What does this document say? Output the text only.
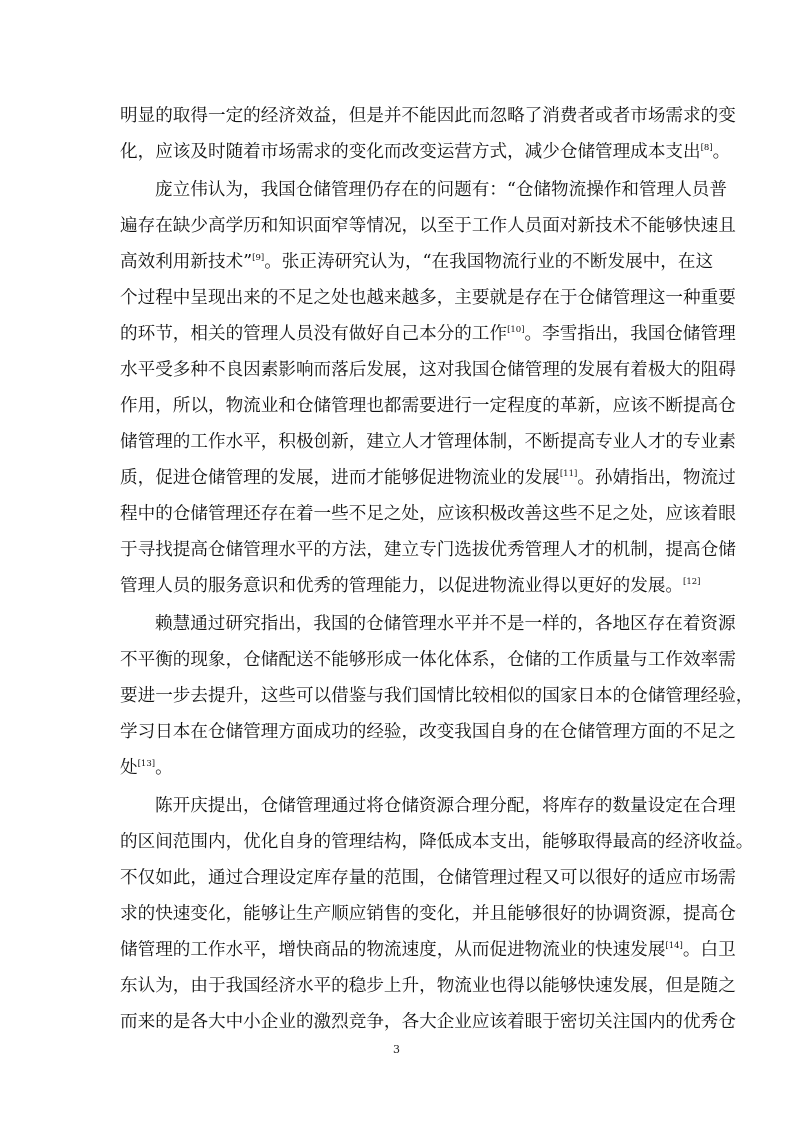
明显的取得一定的经济效益，但是并不能因此而忽略了消费者或者市场需求的变
化，应该及时随着市场需求的变化而改变运营方式，减少仓储管理成本支出[8]。
庞立伟认为，我国仓储管理仍存在的问题有：“仓储物流操作和管理人员普
遍存在缺少高学历和知识面窄等情况，以至于工作人员面对新技术不能够快速且
高效利用新技术”[9]。张正涛研究认为，“在我国物流行业的不断发展中，在这
个过程中呈现出来的不足之处也越来越多，主要就是存在于仓储管理这一种重要
的环节，相关的管理人员没有做好自己本分的工作[10]。李雪指出，我国仓储管理
水平受多种不良因素影响而落后发展，这对我国仓储管理的发展有着极大的阻碍
作用，所以，物流业和仓储管理也都需要进行一定程度的革新，应该不断提高仓
储管理的工作水平，积极创新，建立人才管理体制，不断提高专业人才的专业素
质，促进仓储管理的发展，进而才能够促进物流业的发展[11]。孙婧指出，物流过
程中的仓储管理还存在着一些不足之处，应该积极改善这些不足之处，应该着眼
于寻找提高仓储管理水平的方法，建立专门选拔优秀管理人才的机制，提高仓储
管理人员的服务意识和优秀的管理能力，以促进物流业得以更好的发展。[12]
赖慧通过研究指出，我国的仓储管理水平并不是一样的，各地区存在着资源
不平衡的现象，仓储配送不能够形成一体化体系，仓储的工作质量与工作效率需
要进一步去提升，这些可以借鉴与我们国情比较相似的国家日本的仓储管理经验，
学习日本在仓储管理方面成功的经验，改变我国自身的在仓储管理方面的不足之
处[13]。
陈开庆提出，仓储管理通过将仓储资源合理分配，将库存的数量设定在合理
的区间范围内，优化自身的管理结构，降低成本支出，能够取得最高的经济收益。
不仅如此，通过合理设定库存量的范围，仓储管理过程又可以很好的适应市场需
求的快速变化，能够让生产顺应销售的变化，并且能够很好的协调资源，提高仓
储管理的工作水平，增快商品的物流速度，从而促进物流业的快速发展[14]。白卫
东认为，由于我国经济水平的稳步上升，物流业也得以能够快速发展，但是随之
而来的是各大中小企业的激烈竞争，各大企业应该着眼于密切关注国内的优秀仓
3
